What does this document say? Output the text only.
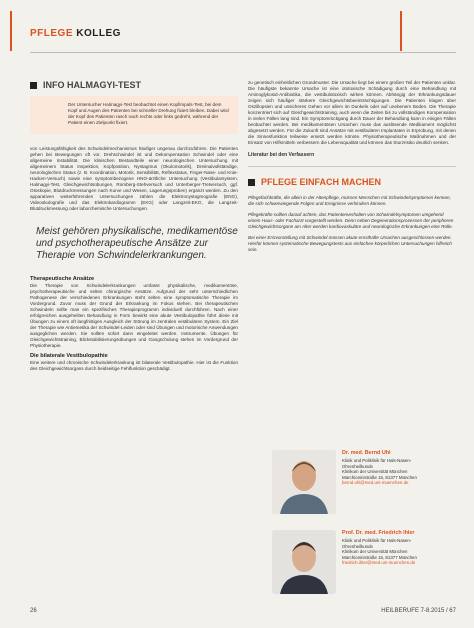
PFLEGE KOLLEG
INFO HALMAGYI-TEST

Der Untersucher Halmagyi-Test beobachtet einen Kopfimpuls-Test, bei dem Kopf und Augen des Patienten bei schneller Drehung fixiert bleiben. Dabei wird der Kopf des Patienten rasch nach rechts oder links gedreht, während der Patient einen Zielpunkt fixiert.

von Leistungsfähigkeit des Schwindelmechanismus häufiger ungenau durchzuführen. Die Patienten gehen bei Bewegungen oft vor, Drehschwindel ist und Dekompensation Schwindel oder eine allgemeine Instabilität. Die klinischen Bestandteile einer neurologischen Untersuchung mit allgemeinem Status Inspektion, Kopfposition, Nystagmus (Okulomotorik), Dreimalvollständige, neurologischen Status (z. B. Koordination, Motorik, Sensibilität, Reflexstatus, Finger-Nase- und Knie-Hacken-Versuch) sowie eine symptombezogene HNO-ärztliche Untersuchung (Vestibularsystem, Halmagyi-Test, Gleichgewichtsübungen, Romberg-Stehversuch und Unterberger-Tretversuch, ggf. Otoskopie, Blutdruckmessungen nach Kurve und Wesen, Lagerungsproben) ergänzt werden. Zu den apparativen weiterführenden Untersuchungen zählen die Elektronystagmografie (ENG), Videookulografie und das Elektrokardiogramm (EKG) oder Langzeit-EKG, die Langzeit-Blutdruckmessung oder laborchemische Untersuchungen.

Meist gehören physikalische, medikamentöse und psychotherapeutische Ansätze zur Therapie von Schwindelerkrankungen.
Therapeutische Ansätze

Die Therapie von Schwindelerkrankungen umfasst physikalische, medikamentöse, psychotherapeutische und selten chirurgische Ansätze. Aufgrund der sehr unterschiedlichen Pathogenese der verschiedenen Erkrankungen steht selten eine symptomatische Therapie im Vordergrund. Zuvor muss der Grund der Erkrankung im Fokus stehen. Bei therapeutischen Schwindeln sollte man ein spezifisches Therapieprogramm individuell durchführen. Nach einer erfolgreichen ausgeheilten Behandlung in Form bewirkt eine akute Vestibulopathie führt diese mit Übungen zu einem oft langfristigen Ausgleich der Störung im zentralen vestibulären System. Ein Ziel der Therapie wie Antiemetika der Schwindel-Leiden oder sind Übungen und motorische Anwendungen ausgeglichen werden. Sie sollten sofort dann eingeleitet werden. Instrumente. Übungen für Gleichgewichtstraining, Blickstabilisierungsübungen und Gangschulung stehen im Vordergrund der Physiotherapie.

Die bilaterale Vestibulopathie

Eine weitere und chronische Schwindelerkrankung ist bilaterale Vestibulopathie. Hier ist die Funktion des Gleichgewichtsorgans durch beidseitige Fehlfunktion geschädigt.

zu genetisch einheitlichen Grundmuster. Die Ursache liegt bei einem großen Teil der Patienten unklar. Die häufigste bekannte Ursache ist eine ototoxische Schädigung durch eine Behandlung mit Aminoglykosid-Antibiotika, die vestibulotoxisch wirken können. Abhängig der Erkrankungsdauer zeigen sich häufiger stärkere Gleichgewichtsbeeinträchtigungen. Die Patienten klagen über Oszillopsien und unsicheres Gehen vor allem im Dunkeln oder auf unebenem Boden. Die Therapie konzentriert sich auf Gleichgewichtstraining, auch wenn die Zeiten bis zu vollständigen Kompensation in vielen Fällen lang sind. Ein Symptomrückgang durch Dauer der Behandlung kann in einigen Fällen beobachtet werden. Bei medikamentösen Ursachen muss das auslösende Medikament möglichst abgesetzt werden. Für die Zukunft sind Ansätze mit vestibulären Implantaten in Erprobung, mit denen die Sinnesfunktion teilweise ersetzt werden könnte. Physiotherapeutische Maßnahmen und der Einsatz von Hilfsmitteln verbessern die Lebensqualität und können das Sturzrisiko deutlich senken.

Literatur bei den Verfassern
PFLEGE EINFACH MACHEN

Pflegefachkräfte, die allein in der Altenpflege, müssen Menschen mit Schwindelsymptomen kennen, die sich schwerwiegende Folgen und Ereignisse verhindern können.

Pflegekräfte sollten darauf achten, das Patientenverhalten von Schwindelsymptomen umgehend einem Haus- oder Facharzt vorgestellt werden. Denn neben Degenerationsprozessen der peripheren Gleichgewichtsorgane am Alter werden kardiovaskuläre und neurologische Erkrankungen eine Rolle.

Bei einer Erstvorstellung mit Schwindel müssen akute ernsthafte Ursachen ausgeschlossen werden. Hierfür können systematische Bewegungstests aus einfachen körperlichen Untersuchungen hilfreich sein.

Dr. med. Bernd Uhl
Klinik und Poliklinik für Hals-Nasen-
Ohrenheilkunde
Klinikum der Universität München
Marchioninistraße 15, 81377 München
bernd.uhl@med.uni-muenchen.de
Prof. Dr. med. Friedrich Ihler
Klinik und Poliklinik für Hals-Nasen-
Ohrenheilkunde
Klinikum der Universität München
Marchioninistraße 15, 81377 München
friedrich.ihler@med.uni-muenchen.de
26	HEILBERUFE 7-8.2015 / 67
